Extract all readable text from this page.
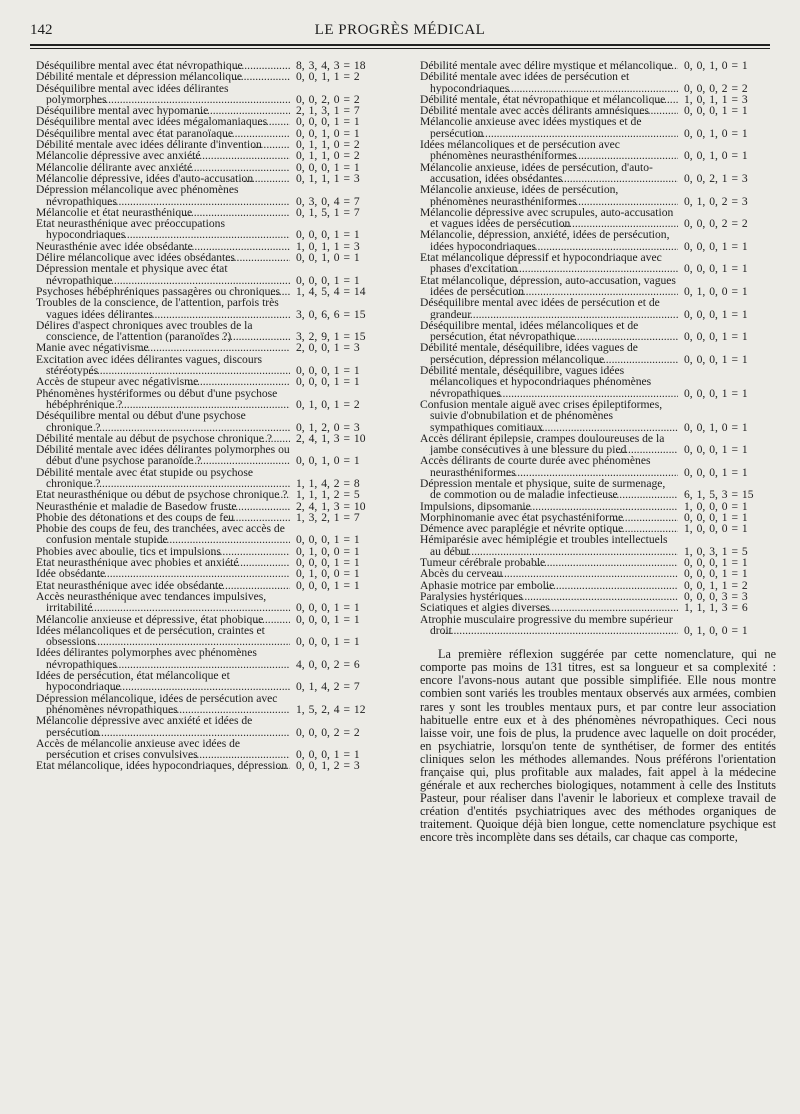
142	LE PROGRÈS MÉDICAL
Déséquilibre mental avec état névropathique .....	8, 3, 4, 3 = 18
Débilité mentale et dépression mélancolique .....	0, 0, 1, 1 = 2
Déséquilibre mental avec idées délirantes polymorphes .....	0, 0, 2, 0 = 2
Déséquilibre mental avec hypomanie .....	2, 1, 3, 1 = 7
Déséquilibre mental avec idées mégalomaniaques .....	0, 0, 0, 1 = 1
Déséquilibre mental avec état paranoïaque .....	0, 0, 1, 0 = 1
Débilité mentale avec idées délirante d'invention .....	0, 1, 1, 0 = 2
Mélancolie dépressive avec anxiété .....	0, 1, 1, 0 = 2
Mélancolie délirante avec anxiété .....	0, 0, 0, 1 = 1
Mélancolie dépressive, idées d'auto-accusation .....	0, 1, 1, 1 = 3
Dépression mélancolique avec phénomènes névropathiques .....	0, 3, 0, 4 = 7
Mélancolie et état neurasthénique .....	0, 1, 5, 1 = 7
Etat neurasthénique avec préoccupations hypocondriaques .....	0, 0, 0, 1 = 1
Neurasthénie avec idée obsédante .....	1, 0, 1, 1 = 3
Délire mélancolique avec idées obsédantes .....	0, 0, 1, 0 = 1
Dépression mentale et physique avec état névropathique .....	0, 0, 0, 1 = 1
Psychoses hébéphréniques passagères ou chroniques .....	1, 4, 5, 4 = 14
Troubles de la conscience, de l'attention, parfois très vagues idées délirantes .....	3, 0, 6, 6 = 15
Délires d'aspect chroniques avec troubles de la conscience, de l'attention (paranoïdes ?) .....	3, 2, 9, 1 = 15
Manie avec négativisme .....	2, 0, 0, 1 = 3
Excitation avec idées délirantes vagues, discours stéréotypés .....	0, 0, 0, 1 = 1
Accès de stupeur avec négativisme .....	0, 0, 0, 1 = 1
Phénomènes hystériformes ou début d'une psychose hébéphrénique ? .....	0, 1, 0, 1 = 2
Déséquilibre mental ou début d'une psychose chronique ? .....	0, 1, 2, 0 = 3
Débilité mentale au début de psychose chronique ? .....	2, 4, 1, 3 = 10
Débilité mentale avec idées délirantes polymorphes ou début d'une psychose paranoïde ? .....	0, 0, 1, 0 = 1
Débilité mentale avec état stupide ou psychose chronique ? .....	1, 1, 4, 2 = 8
Etat neurasthénique ou début de psychose chronique ? ..... 1, 1, 1, 2 = 5
Neurasthénie et maladie de Basedow fruste .....	2, 4, 1, 3 = 10
Phobie des détonations et des coups de feu .....	1, 3, 2, 1 = 7
Phobie des coups de feu, des tranchées, avec accès de confusion mentale stupide .....	0, 0, 0, 1 = 1
Phobies avec aboulie, tics et impulsions .....	0, 1, 0, 0 = 1
Etat neurasthénique avec phobies et anxiété .....	0, 0, 0, 1 = 1
Idée obsédante .....	0, 1, 0, 0 = 1
Etat neurasthénique avec idée obsédante .....	0, 0, 0, 1 = 1
Accès neurasthénique avec tendances impulsives, irritabilité .....	0, 0, 0, 1 = 1
Mélancolie anxieuse et dépressive, état phobique .....	0, 0, 0, 1 = 1
Idées mélancoliques et de persécution, craintes et obsessions .....	0, 0, 0, 1 = 1
Idées délirantes polymorphes avec phénomènes névropathiques .....	4, 0, 0, 2 = 6
Idées de persécution, état mélancolique et hypocondriaque .....	0, 1, 4, 2 = 7
Dépression mélancolique, idées de persécution avec phénomènes névropathiques .....	1, 5, 2, 4 = 12
Mélancolie dépressive avec anxiété et idées de persécution .....	0, 0, 0, 2 = 2
Accès de mélancolie anxieuse avec idées de persécution et crises convulsives .....	0, 0, 0, 1 = 1
Etat mélancolique, idées hypocondriaques, dépression ..... 0, 0, 1, 2 = 3
Débilité mentale avec délire mystique et mélancolique .....	0, 0, 1, 0 = 1
Débilité mentale avec idées de persécution et hypocondriaques .....	0, 0, 0, 2 = 2
Débilité mentale, état névropathique et mélancolique .....	1, 0, 1, 1 = 3
Débilité mentale avec accès délirants amnésiques .....	0, 0, 0, 1 = 1
Mélancolie anxieuse avec idées mystiques et de persécution .....	0, 0, 1, 0 = 1
Idées mélancoliques et de persécution avec phénomènes neurasthéniformes .....	0, 0, 1, 0 = 1
Mélancolie anxieuse, idées de persécution, d'auto-accusation, idées obsédantes .....	0, 0, 2, 1 = 3
Mélancolie anxieuse, idées de persécution, phénomènes neurasthéniformes .....	0, 1, 0, 2 = 3
Mélancolie dépressive avec scrupules, auto-accusation et vagues idées de persécution .....	0, 0, 0, 2 = 2
Mélancolie, dépression, anxiété, idées de persécution, idées hypocondriaques .....	0, 0, 0, 1 = 1
Etat mélancolique dépressif et hypocondriaque avec phases d'excitation .....	0, 0, 0, 1 = 1
Etat mélancolique, dépression, auto-accusation, vagues idées de persécution .....	0, 1, 0, 0 = 1
Déséquilibre mental avec idées de persécution et de grandeur .....	0, 0, 0, 1 = 1
Déséquilibre mental, idées mélancoliques et de persécution, état névropathique .....	0, 0, 0, 1 = 1
Débilité mentale, déséquilibre, idées vagues de persécution, dépression mélancolique .....	0, 0, 0, 1 = 1
Débilité mentale, déséquilibre, vagues idées mélancoliques et hypocondriaques phénomènes névropathiques .....	0, 0, 0, 1 = 1
Confusion mentale aiguë avec crises épileptiformes, suivie d'obnubilation et de phénomènes sympathiques comitiaux .....	0, 0, 1, 0 = 1
Accès délirant épilepsie, crampes douloureuses de la jambe consécutives à une blessure du pied .....	0, 0, 0, 1 = 1
Accès délirants de courte durée avec phénomènes neurasthéniformes .....	0, 0, 0, 1 = 1
Dépression mentale et physique, suite de surmenage, de commotion ou de maladie infectieuse .....	6, 1, 5, 3 = 15
Impulsions, dipsomanie .....	1, 0, 0, 0 = 1
Morphinomanie avec état psychasténiforme .....	0, 0, 0, 1 = 1
Démence avec paraplégie et névrite optique .....	1, 0, 0, 0 = 1
Hémiparésie avec hémiplégie et troubles intellectuels au début .....	1, 0, 3, 1 = 5
Tumeur cérébrale probable .....	0, 0, 0, 1 = 1
Abcès du cerveau .....	0, 0, 0, 1 = 1
Aphasie motrice par embolie .....	0, 0, 1, 1 = 2
Paralysies hystériques .....	0, 0, 0, 3 = 3
Sciatiques et algies diverses .....	1, 1, 1, 3 = 6
Atrophie musculaire progressive du membre supérieur droit .....	0, 1, 0, 0 = 1

La première réflexion suggérée par cette nomenclature, qui ne comporte pas moins de 131 titres, est sa longueur et sa complexité : encore l'avons-nous autant que possible simplifiée. Elle nous montre combien sont variés les troubles mentaux observés aux armées, combien rares y sont les troubles mentaux purs, et par contre leur association habituelle entre eux et à des phénomènes névropathiques. Ceci nous laisse voir, une fois de plus, la prudence avec laquelle on doit procéder, en psychiatrie, lorsqu'on tente de synthétiser, de former des entités cliniques selon les méthodes allemandes. Nous préférons l'orientation française qui, plus profitable aux malades, fait appel à la médecine générale et aux recherches biologiques, notamment à celle des Instituts Pasteur, pour réaliser dans l'avenir le laborieux et complexe travail de création d'entités psychiatriques avec des méthodes organiques de traitement. Quoique déjà bien longue, cette nomenclature psychique est encore très incomplète dans ses détails, car chaque cas comporte,
